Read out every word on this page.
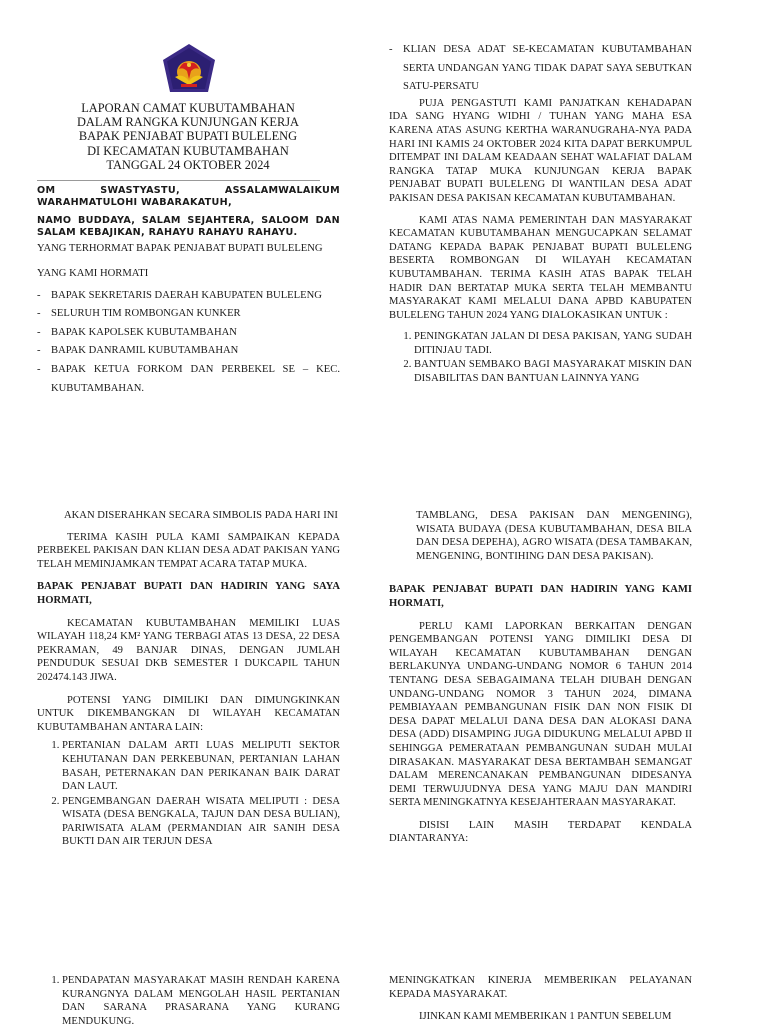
LAPORAN CAMAT KUBUTAMBAHAN
DALAM RANGKA KUNJUNGAN KERJA
BAPAK PENJABAT BUPATI BULELENG
DI KECAMATAN KUBUTAMBAHAN
TANGGAL 24 OKTOBER 2024

OM SWASTYASTU, ASSALAMWALAIKUM WARAHMATULOHI WABARAKATUH,

NAMO BUDDAYA, SALAM SEJAHTERA, SALOOM DAN SALAM KEBAJIKAN, RAHAYU RAHAYU RAHAYU.

YANG TERHORMAT BAPAK PENJABAT BUPATI BULELENG

YANG KAMI HORMATI

- BAPAK SEKRETARIS DAERAH KABUPATEN BULELENG
- SELURUH TIM ROMBONGAN KUNKER
- BAPAK KAPOLSEK KUBUTAMBAHAN
- BAPAK DANRAMIL KUBUTAMBAHAN
- BAPAK KETUA FORKOM DAN PERBEKEL SE – KEC. KUBUTAMBAHAN.
- KLIAN DESA ADAT SE-KECAMATAN KUBUTAMBAHAN SERTA UNDANGAN YANG TIDAK DAPAT SAYA SEBUTKAN SATU-PERSATU

PUJA PENGASTUTI KAMI PANJATKAN KEHADAPAN IDA SANG HYANG WIDHI / TUHAN YANG MAHA ESA KARENA ATAS ASUNG KERTHA WARANUGRAHA-NYA PADA HARI INI KAMIS 24 OKTOBER 2024 KITA DAPAT BERKUMPUL DITEMPAT INI DALAM KEADAAN SEHAT WALAFIAT DALAM RANGKA TATAP MUKA KUNJUNGAN KERJA BAPAK PENJABAT BUPATI BULELENG DI WANTILAN DESA ADAT PAKISAN DESA PAKISAN KECAMATAN KUBUTAMBAHAN.

KAMI ATAS NAMA PEMERINTAH DAN MASYARAKAT KECAMATAN KUBUTAMBAHAN MENGUCAPKAN SELAMAT DATANG KEPADA BAPAK PENJABAT BUPATI BULELENG BESERTA ROMBONGAN DI WILAYAH KECAMATAN KUBUTAMBAHAN. TERIMA KASIH ATAS BAPAK TELAH HADIR DAN BERTATAP MUKA SERTA TELAH MEMBANTU MASYARAKAT KAMI MELALUI DANA APBD KABUPATEN BULELENG TAHUN 2024 YANG DIALOKASIKAN UNTUK :

1. PENINGKATAN JALAN DI DESA PAKISAN, YANG SUDAH DITINJAU TADI.
2. BANTUAN SEMBAKO BAGI MASYARAKAT MISKIN DAN DISABILITAS DAN BANTUAN LAINNYA YANG

AKAN DISERAHKAN SECARA SIMBOLIS PADA HARI INI

TERIMA KASIH PULA KAMI SAMPAIKAN KEPADA PERBEKEL PAKISAN DAN KLIAN DESA ADAT PAKISAN YANG TELAH MEMINJAMKAN TEMPAT ACARA TATAP MUKA.

BAPAK PENJABAT BUPATI DAN HADIRIN YANG SAYA HORMATI,

KECAMATAN KUBUTAMBAHAN MEMILIKI LUAS WILAYAH 118,24 KM² YANG TERBAGI ATAS 13 DESA, 22 DESA PEKRAMAN, 49 BANJAR DINAS, DENGAN JUMLAH PENDUDUK SESUAI DKB SEMESTER I DUKCAPIL TAHUN 202474.143 JIWA.

POTENSI YANG DIMILIKI DAN DIMUNGKINKAN UNTUK DIKEMBANGKAN DI WILAYAH KECAMATAN KUBUTAMBAHAN ANTARA LAIN:

1. PERTANIAN DALAM ARTI LUAS MELIPUTI SEKTOR KEHUTANAN DAN PERKEBUNAN, PERTANIAN LAHAN BASAH, PETERNAKAN DAN PERIKANAN BAIK DARAT DAN LAUT.
2. PENGEMBANGAN DAERAH WISATA MELIPUTI : DESA WISATA (DESA BENGKALA, TAJUN DAN DESA BULIAN), PARIWISATA ALAM (PERMANDIAN AIR SANIH DESA BUKTI DAN AIR TERJUN DESA

TAMBLANG, DESA PAKISAN DAN MENGENING), WISATA BUDAYA (DESA KUBUTAMBAHAN, DESA BILA DAN DESA DEPEHA), AGRO WISATA (DESA TAMBAKAN, MENGENING, BONTIHING DAN DESA PAKISAN).

BAPAK PENJABAT BUPATI DAN HADIRIN YANG KAMI HORMATI,

PERLU KAMI LAPORKAN BERKAITAN DENGAN PENGEMBANGAN POTENSI YANG DIMILIKI DESA DI WILAYAH KECAMATAN KUBUTAMBAHAN DENGAN BERLAKUNYA UNDANG-UNDANG NOMOR 6 TAHUN 2014 TENTANG DESA SEBAGAIMANA TELAH DIUBAH DENGAN UNDANG-UNDANG NOMOR 3 TAHUN 2024, DIMANA PEMBIAYAAN PEMBANGUNAN FISIK DAN NON FISIK DI DESA DAPAT MELALUI DANA DESA DAN ALOKASI DANA DESA (ADD) DISAMPING JUGA DIDUKUNG MELALUI APBD II SEHINGGA PEMERATAAN PEMBANGUNAN SUDAH MULAI DIRASAKAN. MASYARAKAT DESA BERTAMBAH SEMANGAT DALAM MERENCANAKAN PEMBANGUNAN DIDESANYA DEMI TERWUJUDNYA DESA YANG MAJU DAN MANDIRI SERTA MENINGKATNYA KESEJAHTERAAN MASYARAKAT.

DISISI LAIN MASIH TERDAPAT KENDALA DIANTARANYA:

1. PENDAPATAN MASYARAKAT MASIH RENDAH KARENA KURANGNYA DALAM MENGOLAH HASIL PERTANIAN DAN SARANA PRASARANA YANG KURANG MENDUKUNG.

MENINGKATKAN KINERJA MEMBERIKAN PELAYANAN KEPADA MASYARAKAT.

IJINKAN KAMI MEMBERIKAN 1 PANTUN SEBELUM
